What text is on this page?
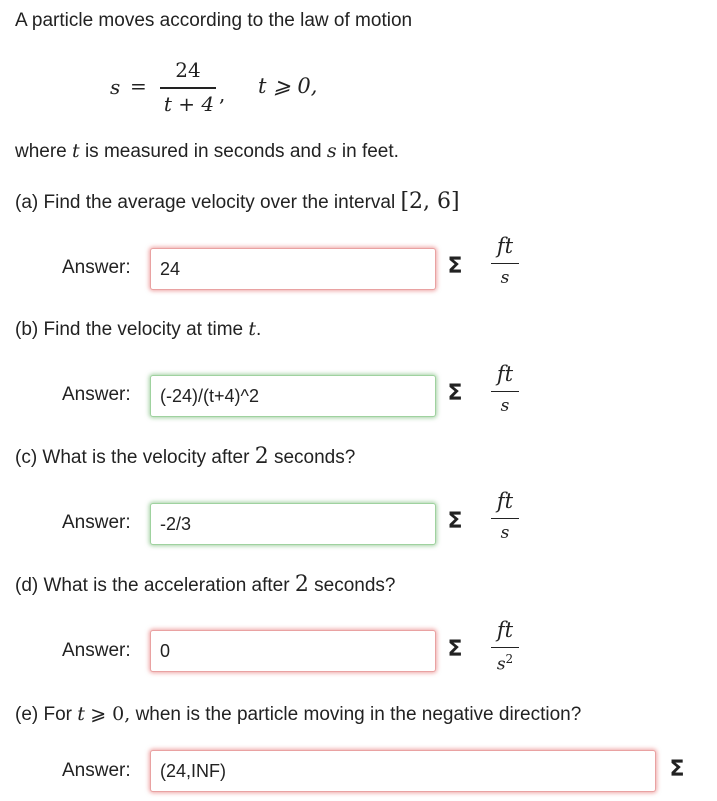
A particle moves according to the law of motion
s =
24
t + 4 , t ⩾ 0,
where t is measured in seconds and s in feet.
(a) Find the average velocity over the interval [2, 6]
Answer:	24	Σ
ft
s
(b) Find the velocity at time t.
Answer:	(-24)/(t+4)^2	Σ
ft
s
(c) What is the velocity after 2 seconds?
Answer:	-2/3	Σ
ft
s
(d) What is the acceleration after 2 seconds?
Answer:	0	Σ
ft
$s^2$
(e) For t ⩾ 0, when is the particle moving in the negative direction?
Answer:	(24,INF)	Σ
